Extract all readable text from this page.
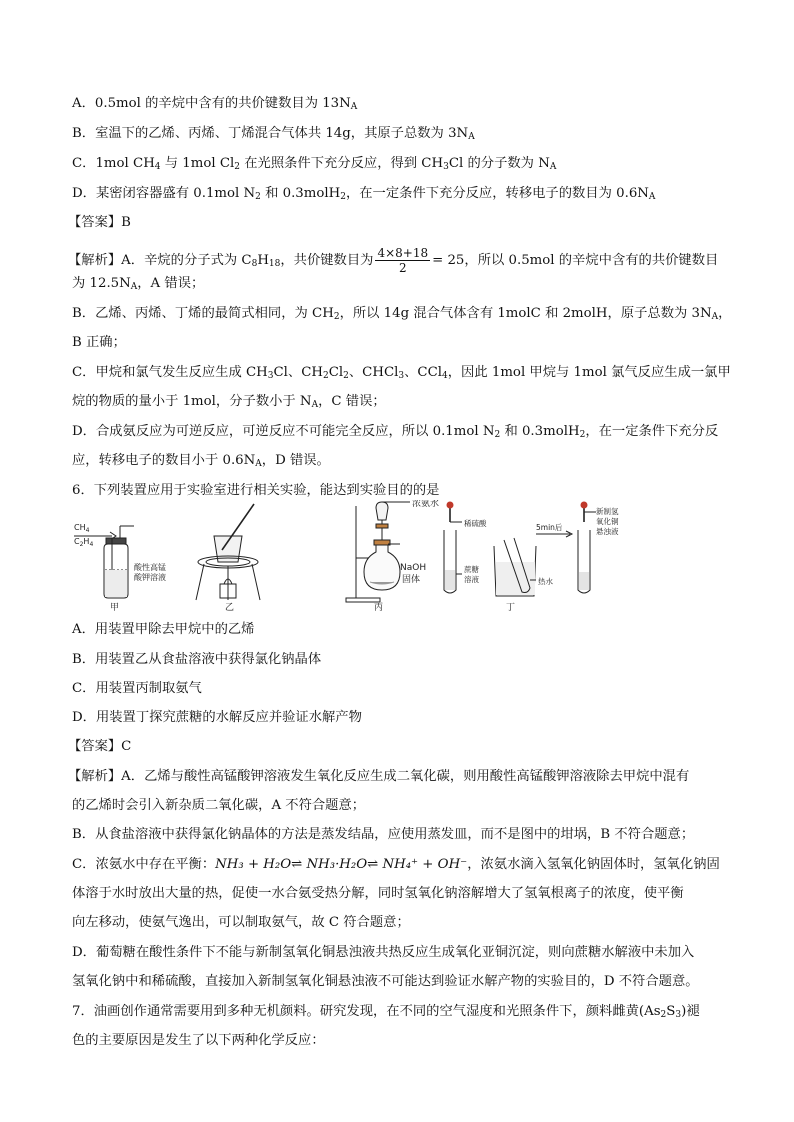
A．0.5mol 的辛烷中含有的共价键数目为 $13N_A$
B．室温下的乙烯、丙烯、丁烯混合气体共 14g，其原子总数为 $3N_A$
C．1mol $CH_4$ 与 1mol $Cl_2$ 在光照条件下充分反应，得到 $CH_3Cl$ 的分子数为 $N_A$
D．某密闭容器盛有 0.1mol $N_2$ 和 0.3molH$_2$，在一定条件下充分反应，转移电子的数目为 $0.6N_A$
【答案】B
【解析】A．辛烷的分子式为 $C_8H_{18}$，共价键数目为 $\frac{4\times 8+18}{2} = 25$，所以 0.5mol 的辛烷中含有的共价键数目
为 $12.5N_A$，A 错误；
B．乙烯、丙烯、丁烯的最简式相同，为 $CH_2$，所以 14g 混合气体含有 1molC 和 2molH，原子总数为 $3N_A$，
B 正确；
C．甲烷和氯气发生反应生成 $CH_3Cl$、$CH_2Cl_2$、CHCl$_3$、CCl$_4$，因此 1mol 甲烷与 1mol 氯气反应生成一氯甲
烷的物质的量小于 1mol，分子数小于 $N_A$，C 错误；
D．合成氨反应为可逆反应，可逆反应不可能完全反应，所以 0.1mol $N_2$ 和 0.3molH$_2$，在一定条件下充分反
应，转移电子的数目小于 $0.6N_A$，D 错误。
6．下列装置应用于实验室进行相关实验，能达到实验目的的是
$CH_4$
$C_2H_4$
酸性高锰
酸钾溶液
甲	乙
浓氨水
NaOH
固体
丙
稀硫酸
蔗糖
溶液	热水
5min后
新制氢
氧化铜
悬浊液
丁
A．用装置甲除去甲烷中的乙烯
B．用装置乙从食盐溶液中获得氯化钠晶体
C．用装置丙制取氨气
D．用装置丁探究蔗糖的水解反应并验证水解产物
【答案】C
【解析】A．乙烯与酸性高锰酸钾溶液发生氧化反应生成二氧化碳，则用酸性高锰酸钾溶液除去甲烷中混有
的乙烯时会引入新杂质二氧化碳，A 不符合题意；
B．从食盐溶液中获得氯化钠晶体的方法是蒸发结晶，应使用蒸发皿，而不是图中的坩埚，B 不符合题意；
C．浓氨水中存在平衡：NH₃ + H₂O⇌ NH₃·H₂O⇌ NH₄⁺ + OH⁻，浓氨水滴入氢氧化钠固体时，氢氧化钠固
体溶于水时放出大量的热，促使一水合氨受热分解，同时氢氧化钠溶解增大了氢氧根离子的浓度，使平衡
向左移动，使氨气逸出，可以制取氨气，故 C 符合题意；
D．葡萄糖在酸性条件下不能与新制氢氧化铜悬浊液共热反应生成氧化亚铜沉淀，则向蔗糖水解液中未加入
氢氧化钠中和稀硫酸，直接加入新制氢氧化铜悬浊液不可能达到验证水解产物的实验目的，D 不符合题意。
7．油画创作通常需要用到多种无机颜料。研究发现，在不同的空气湿度和光照条件下，颜料雌黄$(As_2S_3)$褪
色的主要原因是发生了以下两种化学反应：
